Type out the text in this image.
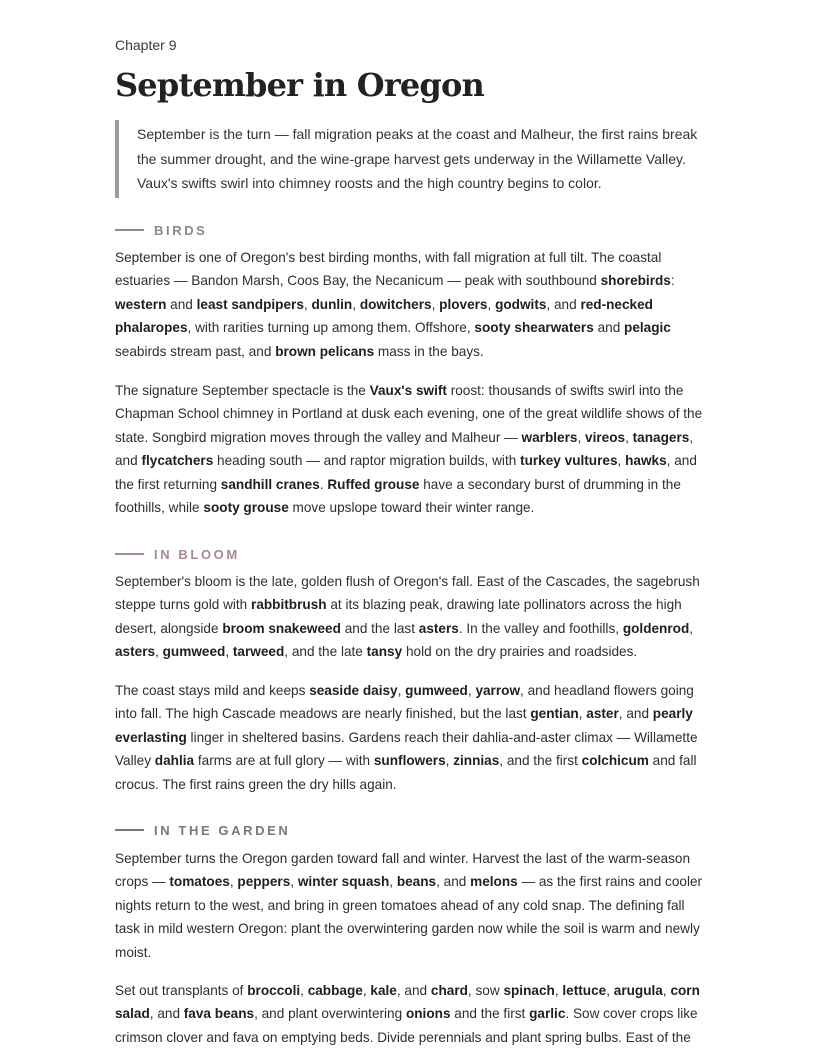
Chapter 9
September in Oregon

September is the turn — fall migration peaks at the coast and Malheur, the first rains break the summer drought, and the wine-grape harvest gets underway in the Willamette Valley. Vaux's swifts swirl into chimney roosts and the high country begins to color.

BIRDS

September is one of Oregon's best birding months, with fall migration at full tilt. The coastal estuaries — Bandon Marsh, Coos Bay, the Necanicum — peak with southbound shorebirds: western and least sandpipers, dunlin, dowitchers, plovers, godwits, and red-necked phalaropes, with rarities turning up among them. Offshore, sooty shearwaters and pelagic seabirds stream past, and brown pelicans mass in the bays.

The signature September spectacle is the Vaux's swift roost: thousands of swifts swirl into the Chapman School chimney in Portland at dusk each evening, one of the great wildlife shows of the state. Songbird migration moves through the valley and Malheur — warblers, vireos, tanagers, and flycatchers heading south — and raptor migration builds, with turkey vultures, hawks, and the first returning sandhill cranes. Ruffed grouse have a secondary burst of drumming in the foothills, while sooty grouse move upslope toward their winter range.

IN BLOOM

September's bloom is the late, golden flush of Oregon's fall. East of the Cascades, the sagebrush steppe turns gold with rabbitbrush at its blazing peak, drawing late pollinators across the high desert, alongside broom snakeweed and the last asters. In the valley and foothills, goldenrod, asters, gumweed, tarweed, and the late tansy hold on the dry prairies and roadsides.

The coast stays mild and keeps seaside daisy, gumweed, yarrow, and headland flowers going into fall. The high Cascade meadows are nearly finished, but the last gentian, aster, and pearly everlasting linger in sheltered basins. Gardens reach their dahlia-and-aster climax — Willamette Valley dahlia farms are at full glory — with sunflowers, zinnias, and the first colchicum and fall crocus. The first rains green the dry hills again.

IN THE GARDEN

September turns the Oregon garden toward fall and winter. Harvest the last of the warm-season crops — tomatoes, peppers, winter squash, beans, and melons — as the first rains and cooler nights return to the west, and bring in green tomatoes ahead of any cold snap. The defining fall task in mild western Oregon: plant the overwintering garden now while the soil is warm and newly moist.

Set out transplants of broccoli, cabbage, kale, and chard, sow spinach, lettuce, arugula, corn salad, and fava beans, and plant overwintering onions and the first garlic. Sow cover crops like crimson clover and fava on emptying beds. Divide perennials and plant spring bulbs. East of the
